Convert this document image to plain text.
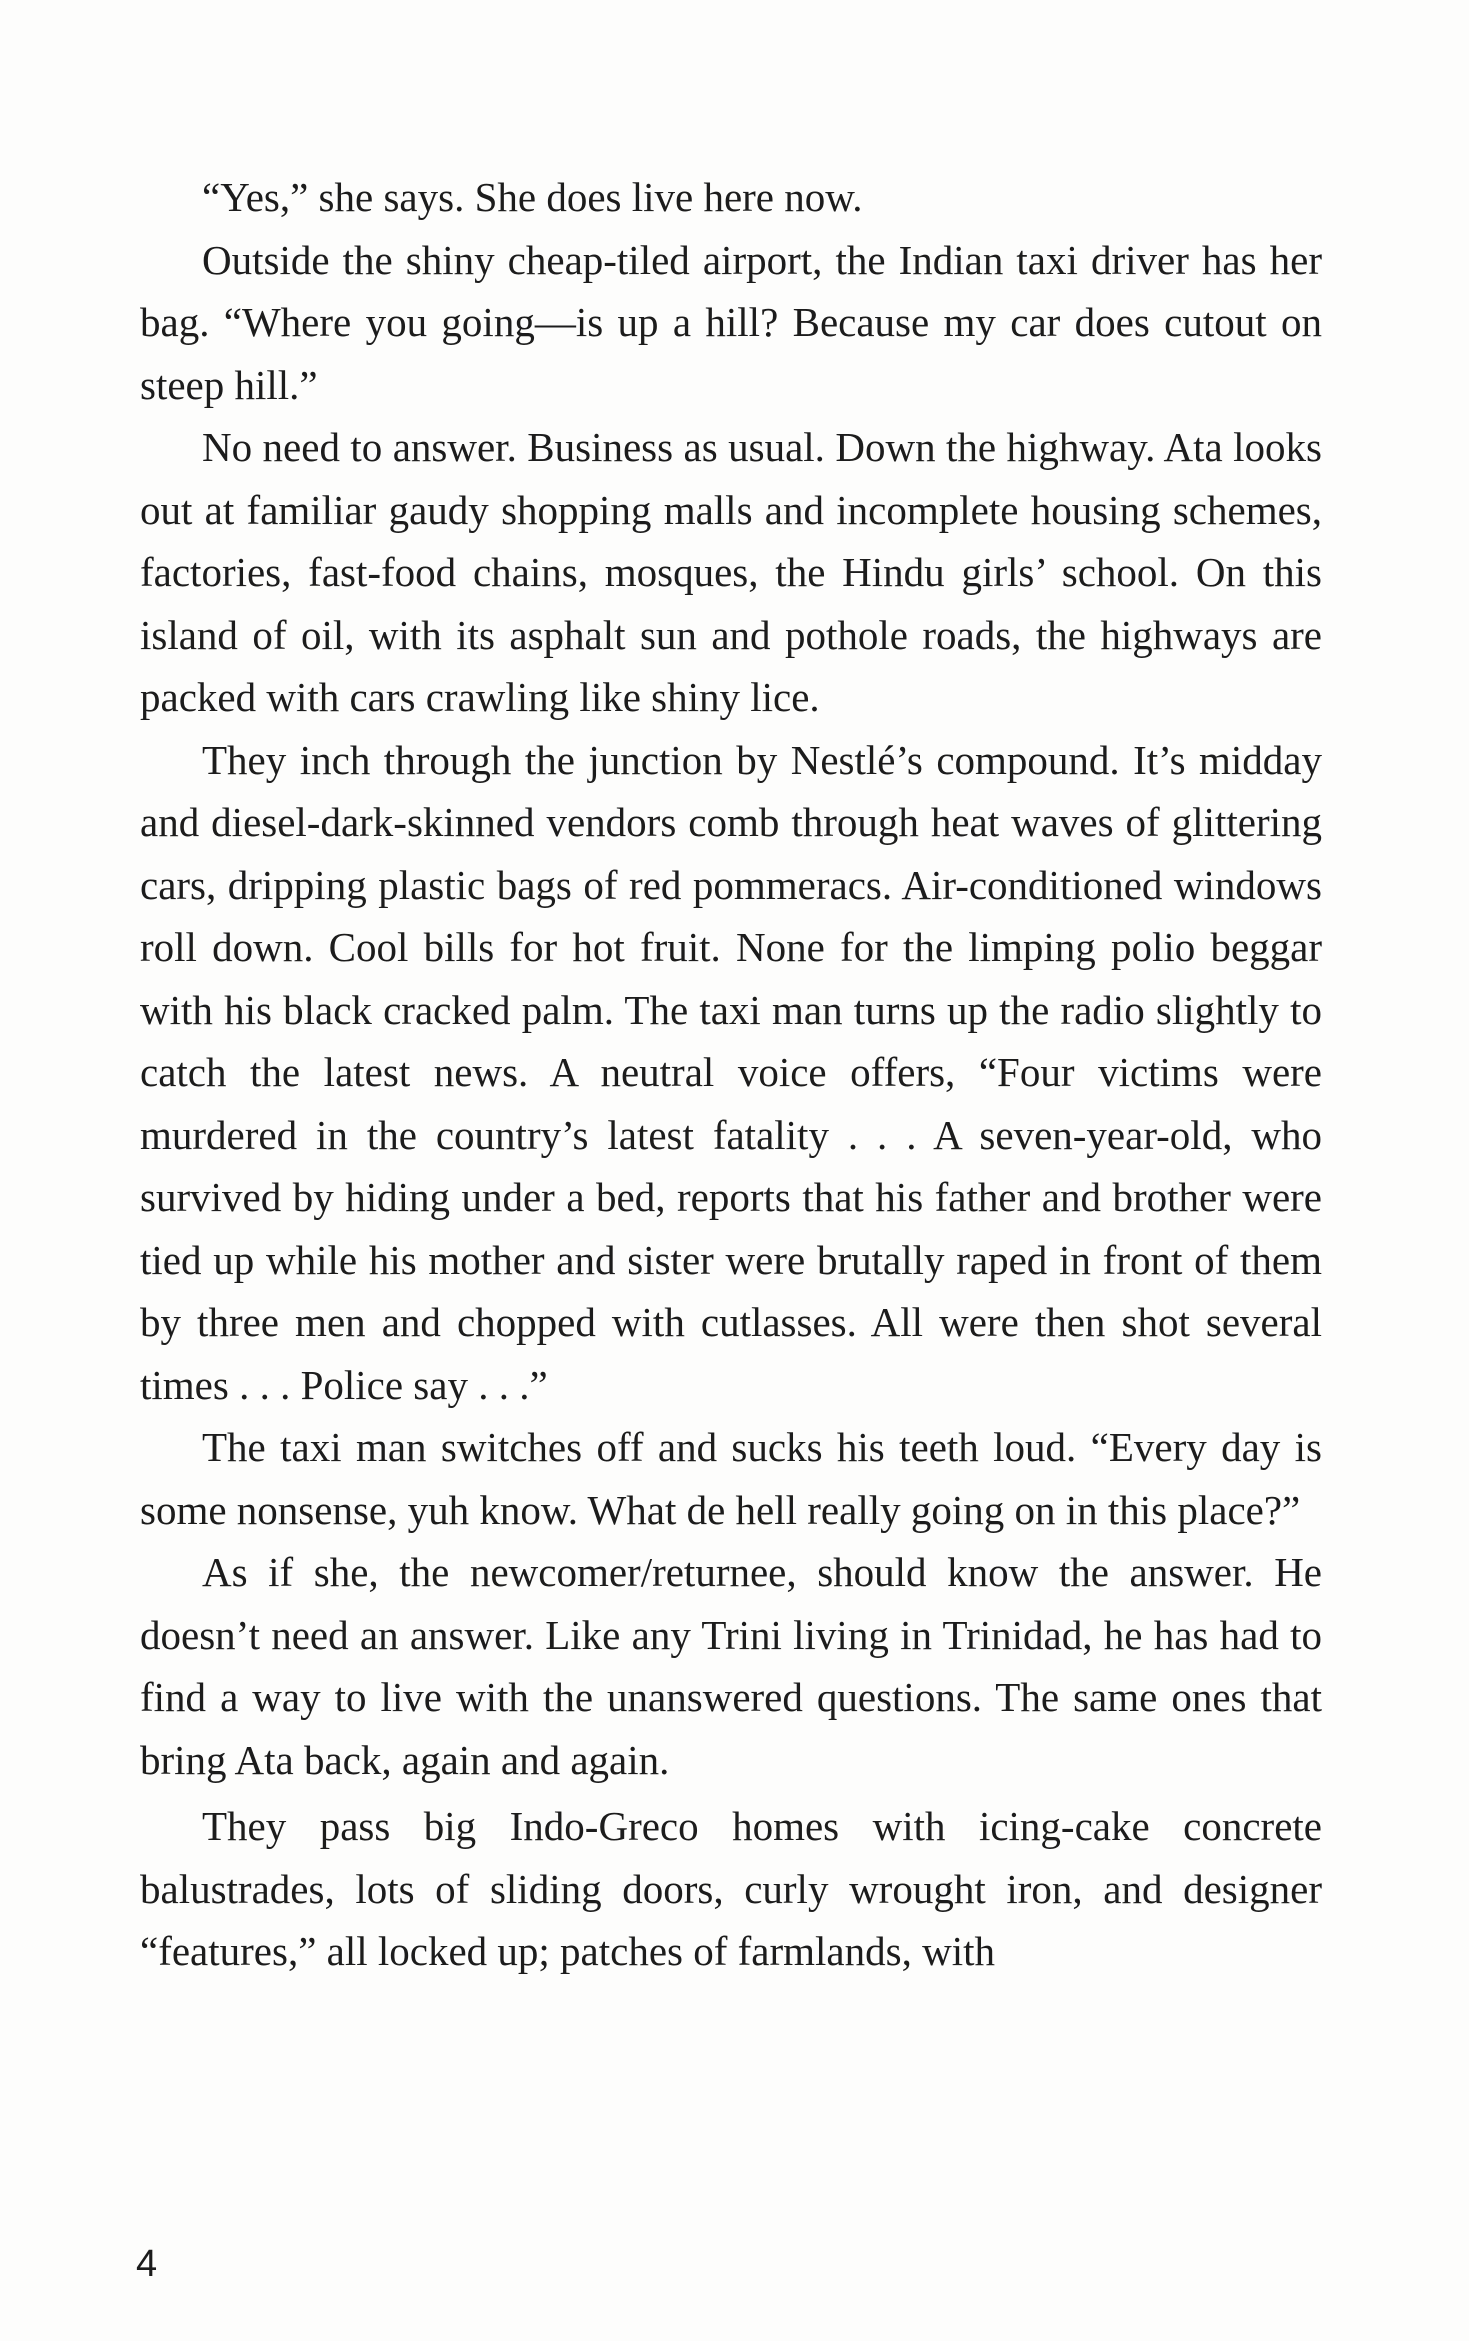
“Yes,” she says. She does live here now.

Outside the shiny cheap-tiled airport, the Indian taxi driver has her bag. “Where you going—is up a hill? Because my car does cutout on steep hill.”

No need to answer. Business as usual. Down the highway. Ata looks out at familiar gaudy shopping malls and incomplete housing schemes, factories, fast-food chains, mosques, the Hindu girls’ school. On this island of oil, with its asphalt sun and pothole roads, the highways are packed with cars crawling like shiny lice.

They inch through the junction by Nestlé’s compound. It’s midday and diesel-dark-skinned vendors comb through heat waves of glittering cars, dripping plastic bags of red pommeracs. Air-conditioned windows roll down. Cool bills for hot fruit. None for the limping polio beggar with his black cracked palm. The taxi man turns up the radio slightly to catch the latest news. A neutral voice offers, “Four victims were murdered in the country’s latest fatality . . . A seven-year-old, who survived by hiding under a bed, reports that his father and brother were tied up while his mother and sister were brutally raped in front of them by three men and chopped with cutlasses. All were then shot several times . . . Police say . . .”

The taxi man switches off and sucks his teeth loud. “Every day is some nonsense, yuh know. What de hell really going on in this place?”

As if she, the newcomer/returnee, should know the answer. He doesn’t need an answer. Like any Trini living in Trinidad, he has had to find a way to live with the unanswered questions. The same ones that bring Ata back, again and again.

They pass big Indo-Greco homes with icing-cake concrete balustrades, lots of sliding doors, curly wrought iron, and designer “features,” all locked up; patches of farmlands, with

4
